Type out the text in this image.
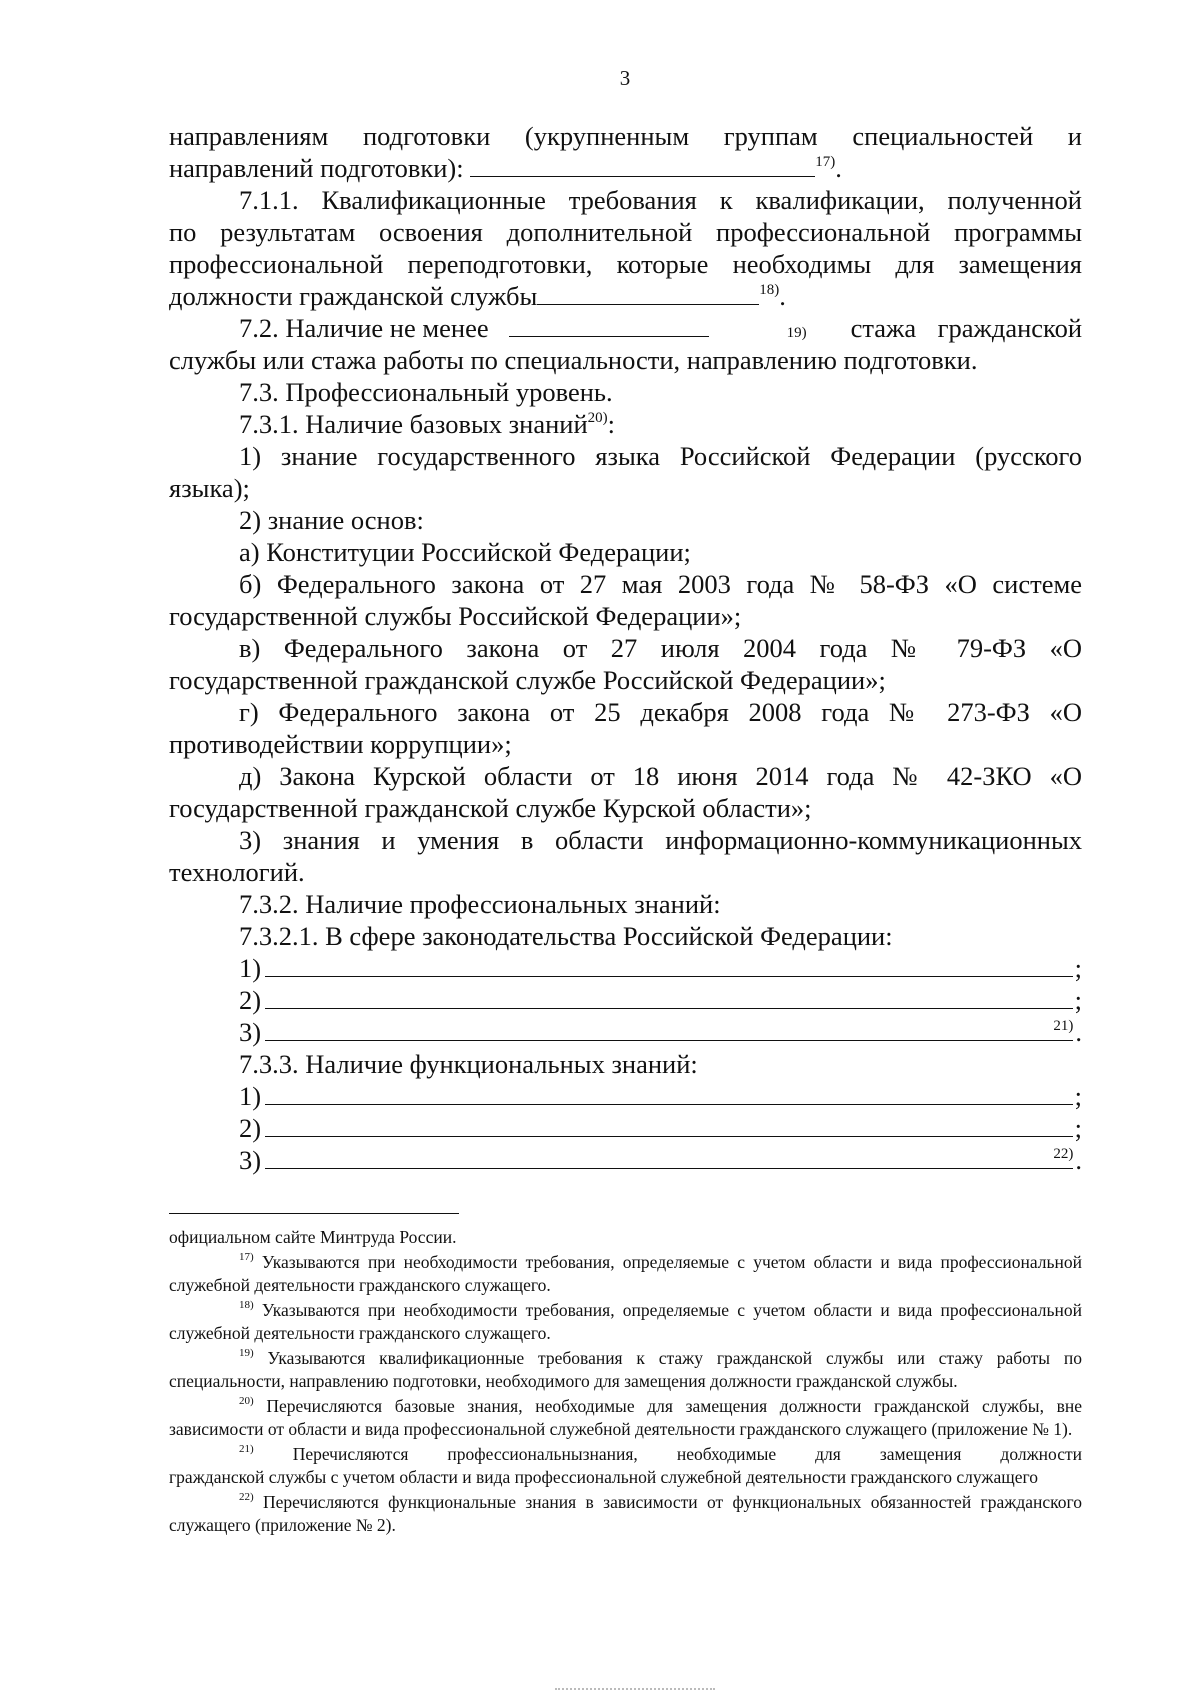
3

направлениям подготовки (укрупненным группам специальностей и

направлений подготовки):	$^{17)}$.

7.1.1. Квалификационные требования к квалификации, полученной

по результатам освоения дополнительной профессиональной программы

профессиональной переподготовки, которые необходимы для замещения

должности гражданской службы	$^{18)}$.

7.2. Наличие не менее	19) стажа гражданской

службы или стажа работы по специальности, направлению подготовки.

7.3. Профессиональный уровень.

7.3.1. Наличие базовых знаний$^{20)}$:

1) знание государственного языка Российской Федерации (русского

языка);

2) знание основ:

а) Конституции Российской Федерации;

б) Федерального закона от 27 мая 2003 года № 58-ФЗ «О системе

государственной службы Российской Федерации»;

в) Федерального закона от 27 июля 2004 года № 79-ФЗ «О

государственной гражданской службе Российской Федерации»;

г) Федерального закона от 25 декабря 2008 года № 273-ФЗ «О

противодействии коррупции»;

д) Закона Курской области от 18 июня 2014 года № 42-ЗКО «О

государственной гражданской службе Курской области»;

3) знания и умения в области информационно-коммуникационных

технологий.

7.3.2. Наличие профессиональных знаний:

7.3.2.1. В сфере законодательства Российской Федерации:

1)	;
2)	;
3)	21) .

7.3.3. Наличие функциональных знаний:

1)	;
2)	;
3)	22) .

официальном сайте Минтруда России.

$^{17)}$ Указываются при необходимости требования, определяемые с учетом области и вида профессиональной служебной деятельности гражданского служащего.

$^{18)}$ Указываются при необходимости требования, определяемые с учетом области и вида профессиональной служебной деятельности гражданского служащего.

$^{19)}$ Указываются квалификационные требования к стажу гражданской службы или стажу работы по специальности, направлению подготовки, необходимого для замещения должности гражданской службы.

$^{20)}$ Перечисляются базовые знания, необходимые для замещения должности гражданской службы, вне зависимости от области и вида профессиональной служебной деятельности гражданского служащего (приложение № 1).

$^{21)}$ Перечисляются профессиональнызнания, необходимые для замещения должности

гражданской службы с учетом области и вида профессиональной служебной деятельности гражданского служащего

$^{22)}$ Перечисляются функциональные знания в зависимости от функциональных обязанностей гражданского служащего (приложение № 2).
